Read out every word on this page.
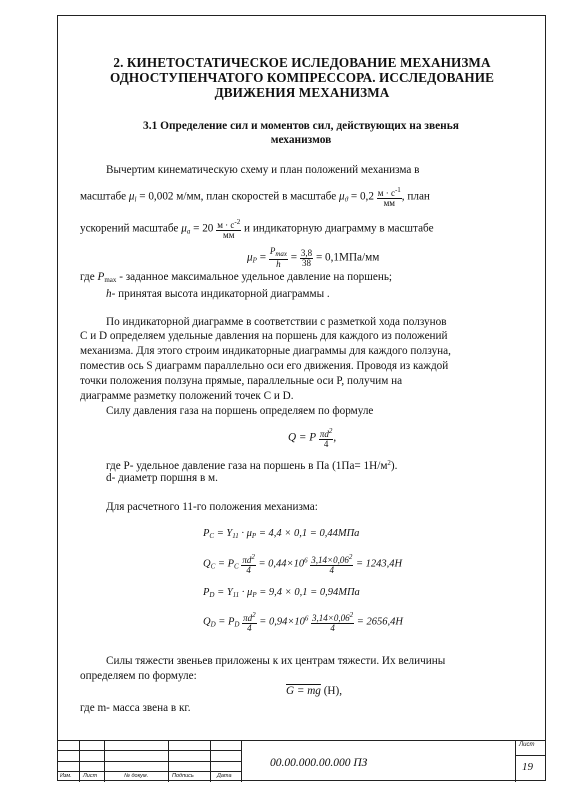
2. КИНЕТОСТАТИЧЕСКОЕ ИСЛЕДОВАНИЕ МЕХАНИЗМА
ОДНОСТУПЕНЧАТОГО КОМПРЕССОРА. ИССЛЕДОВАНИЕ
ДВИЖЕНИЯ МЕХАНИЗМА
3.1 Определение сил и моментов сил, действующих на звенья
механизмов
Вычертим кинематическую схему и план положений механизма в
масштабе $\mu_l = 0,002$ м/мм, план скоростей в масштабе $\mu_ϑ = 0,2 \frac{м \cdot с^{-1}}{мм}$ , план
ускорений масштабе $\mu_a = 20 \frac{м \cdot с^{-2}}{мм}$ и индикаторную диаграмму в масштабе
$\mu_P = \frac{P_{max}}{h} = \frac{3,8}{38} = 0,1МПа/мм$
где $P_{max}$ - заданное максимальное удельное давление на поршень;
h- принятая высота индикаторной диаграммы .
По индикаторной диаграмме в соответствии с разметкой хода ползунов
C и D определяем удельные давления на поршень для каждого из положений
механизма. Для этого строим индикаторные диаграммы для каждого ползуна,
поместив ось S диаграмм параллельно оси его движения. Проводя из каждой
точки положения ползуна прямые, параллельные оси P, получим на
диаграмме разметку положений точек C и D.
Силу давления газа на поршень определяем по формуле
Q = P $\frac{\pi d^2}{4}$ ,
где P- удельное давление газа на поршень в Па $(1Па= 1Н/м^2)$.
d- диаметр поршня в м.
Для расчетного 11-го положения механизма:
$P_C = Y_{11} \cdot \mu_P = 4,4 \times 0,1 = 0,44МПа$
$Q_C = P_C \frac{\pi d^2}{4} = 0,44\times 10^6 \frac{3,14\times 0,06^2}{4} = 1243,4Н$
$P_D = Y_{11} \cdot \mu_P = 9,4 \times 0,1 = 0,94МПа$
$Q_D = P_D \frac{\pi d^2}{4} = 0,94\times 10^6 \frac{3,14\times 0,06^2}{4} = 2656,4Н$
Силы тяжести звеньев приложены к их центрам тяжести. Их величины
определяем по формуле:
G = mg (Н),
где m- масса звена в кг.
Изм. Лист	№ докум.	Подпись	Дата
00.00.000.00.000 ПЗ
Лист
19
